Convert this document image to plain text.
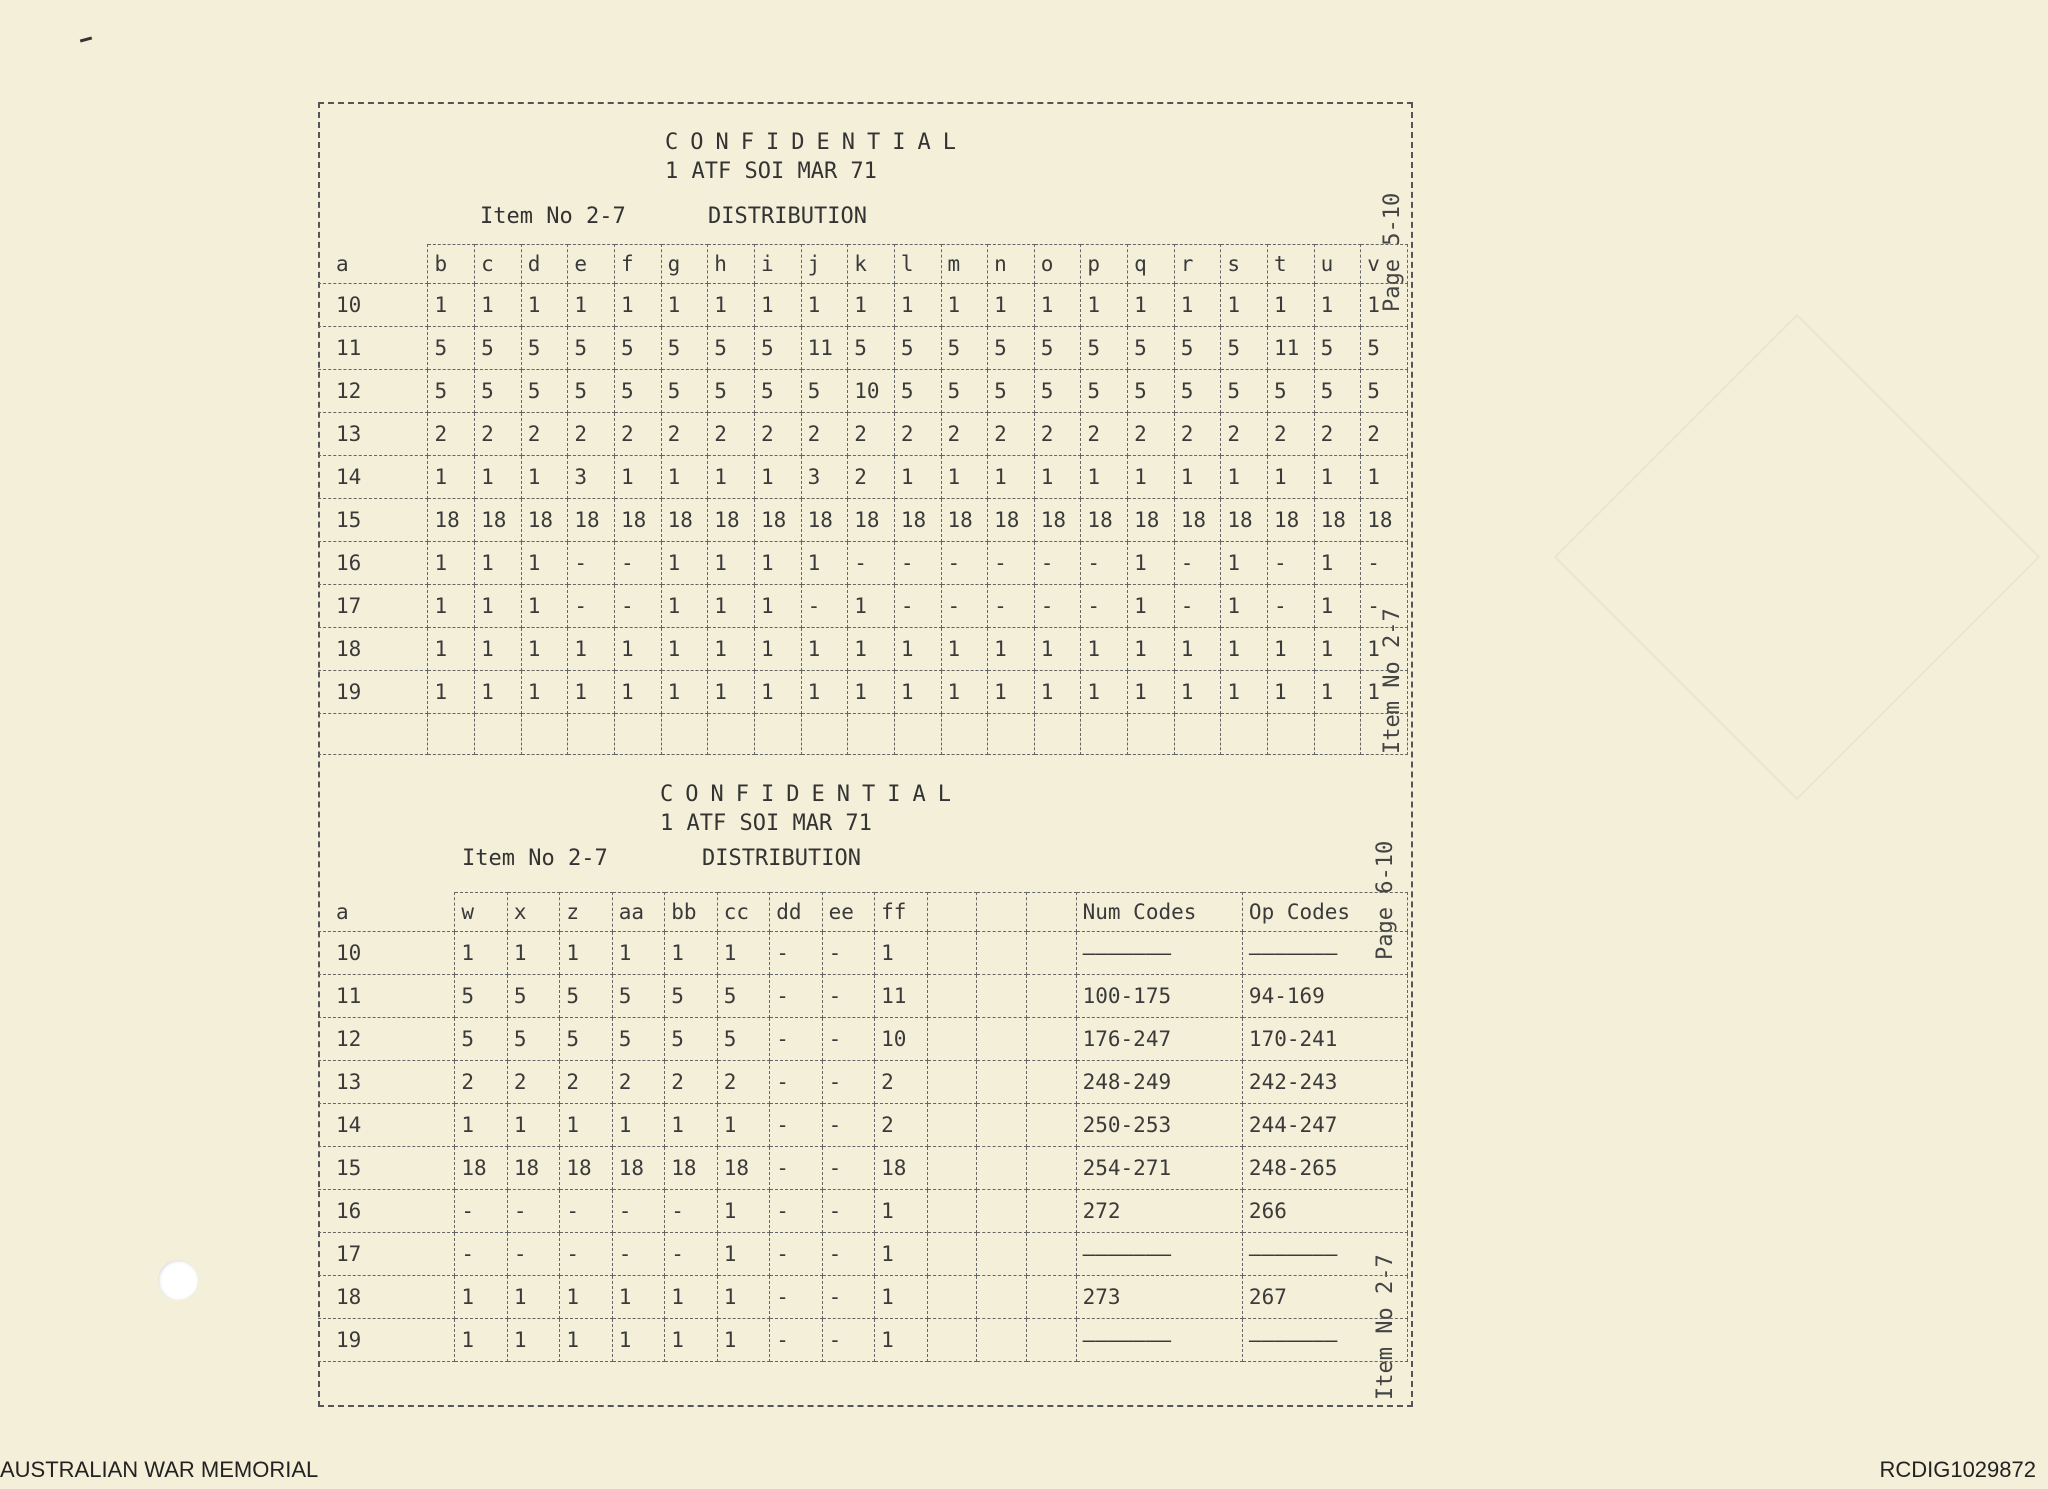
CONFIDENTIAL
1 ATF SOI MAR 71
Item No 2-7	DISTRIBUTION	Page 5-10
Item No 2-7
a	b	c	d	e	f	g	h	i	j	k	l	m	n	o	p	q	r	s	t	u	v
10	1	1	1	1	1	1	1	1	1	1	1	1	1	1	1	1	1	1	1	1	1
11	5	5	5	5	5	5	5	5	11	5	5	5	5	5	5	5	5	5	11	5	5
12	5	5	5	5	5	5	5	5	5	10	5	5	5	5	5	5	5	5	5	5	5
13	2	2	2	2	2	2	2	2	2	2	2	2	2	2	2	2	2	2	2	2	2
14	1	1	1	3	1	1	1	1	3	2	1	1	1	1	1	1	1	1	1	1	1
15	18	18	18	18	18	18	18	18	18	18	18	18	18	18	18	18	18	18	18	18	18
16	1	1	1	-	-	1	1	1	1	-	-	-	-	-	-	1	-	1	-	1	-
17	1	1	1	-	-	1	1	1	-	1	-	-	-	-	-	1	-	1	-	1	-
18	1	1	1	1	1	1	1	1	1	1	1	1	1	1	1	1	1	1	1	1	1
19	1	1	1	1	1	1	1	1	1	1	1	1	1	1	1	1	1	1	1	1	1

CONFIDENTIAL
1 ATF SOI MAR 71
Item No 2-7	DISTRIBUTION	Page 6-10
Item No 2-7
a	w	x	z	aa	bb	cc	dd	ee	ff				Num Codes	Op Codes
10	1	1	1	1	1	1	-	-	1				———————	———————
11	5	5	5	5	5	5	-	-	11				100-175	94-169
12	5	5	5	5	5	5	-	-	10				176-247	170-241
13	2	2	2	2	2	2	-	-	2				248-249	242-243
14	1	1	1	1	1	1	-	-	2				250-253	244-247
15	18	18	18	18	18	18	-	-	18				254-271	248-265
16	-	-	-	-	-	1	-	-	1				272	266
17	-	-	-	-	-	1	-	-	1				———————	———————
18	1	1	1	1	1	1	-	-	1				273	267
19	1	1	1	1	1	1	-	-	1				———————	———————
AUSTRALIAN WAR MEMORIAL	RCDIG1029872
